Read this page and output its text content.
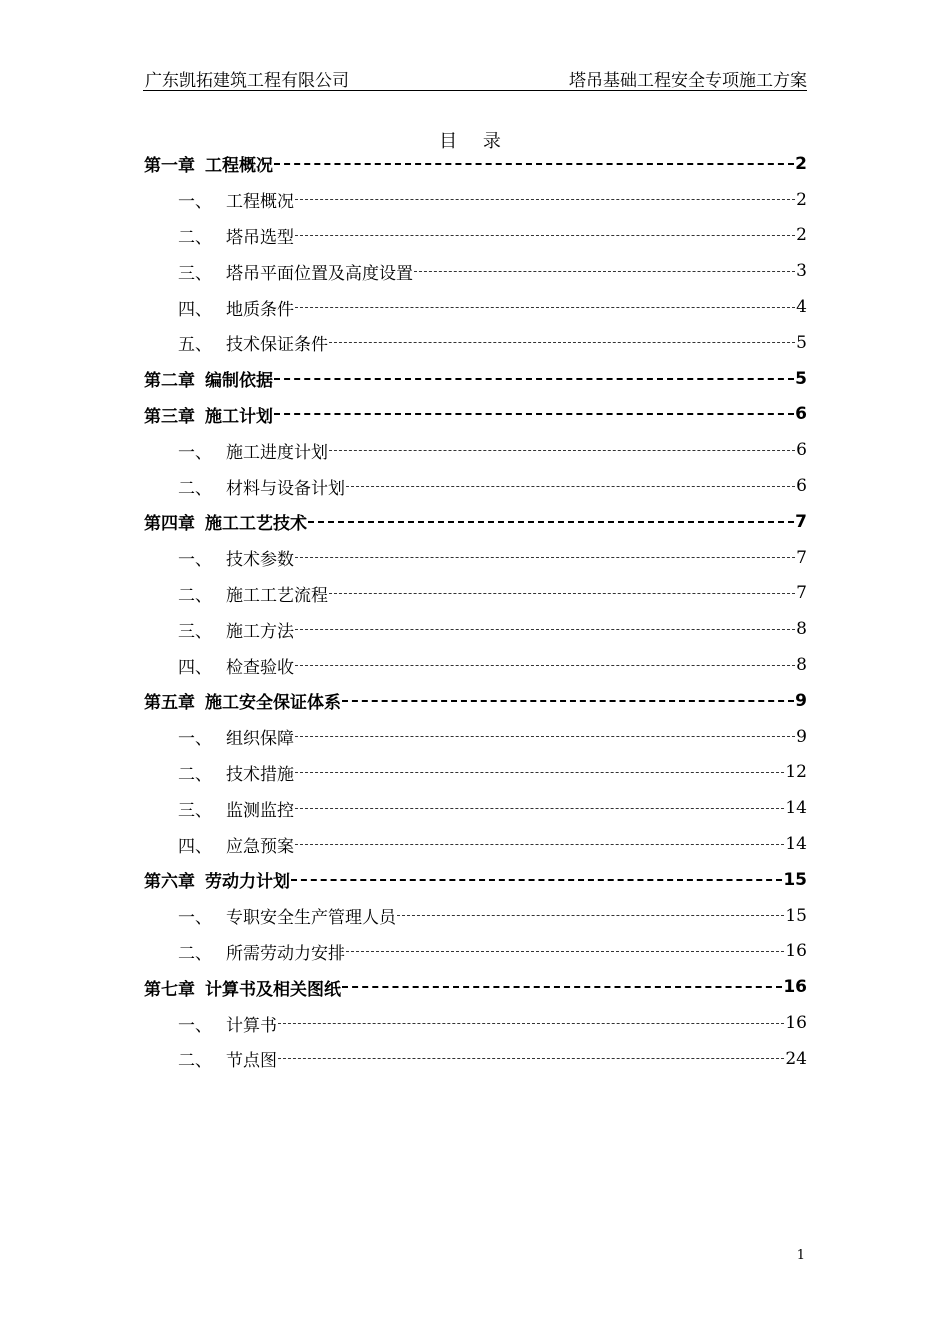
广东凯拓建筑工程有限公司	塔吊基础工程安全专项施工方案
目 录
第一章 工程概况	2
一、 工程概况	2
二、 塔吊选型	2
三、 塔吊平面位置及高度设置	3
四、 地质条件	4
五、 技术保证条件	5
第二章 编制依据	5
第三章 施工计划	6
一、 施工进度计划	6
二、 材料与设备计划	6
第四章 施工工艺技术	7
一、 技术参数	7
二、 施工工艺流程	7
三、 施工方法	8
四、 检查验收	8
第五章 施工安全保证体系	9
一、 组织保障	9
二、 技术措施	12
三、 监测监控	14
四、 应急预案	14
第六章 劳动力计划	15
一、 专职安全生产管理人员	15
二、 所需劳动力安排	16
第七章 计算书及相关图纸	16
一、 计算书	16
二、 节点图	24
1
